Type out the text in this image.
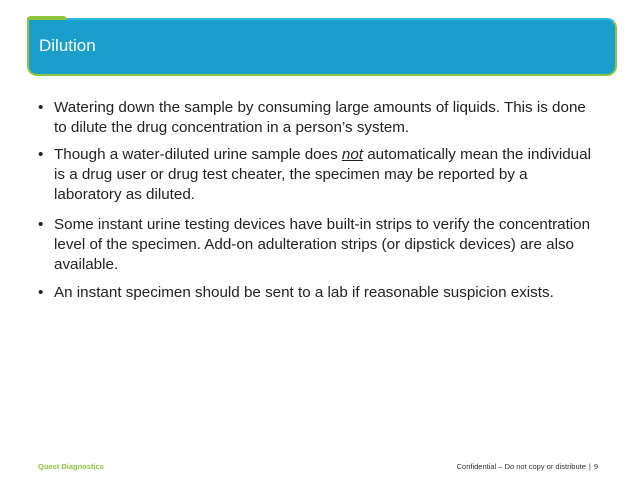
Dilution
• Watering down the sample by consuming large amounts of liquids. This is done to dilute the drug concentration in a person’s system.
• Though a water-diluted urine sample does not automatically mean the individual is a drug user or drug test cheater, the specimen may be reported by a laboratory as diluted.
• Some instant urine testing devices have built-in strips to verify the concentration level of the specimen. Add-on adulteration strips (or dipstick devices) are also available.
• An instant specimen should be sent to a lab if reasonable suspicion exists.
Quest Diagnostics	Confidential – Do not copy or distribute | 9
